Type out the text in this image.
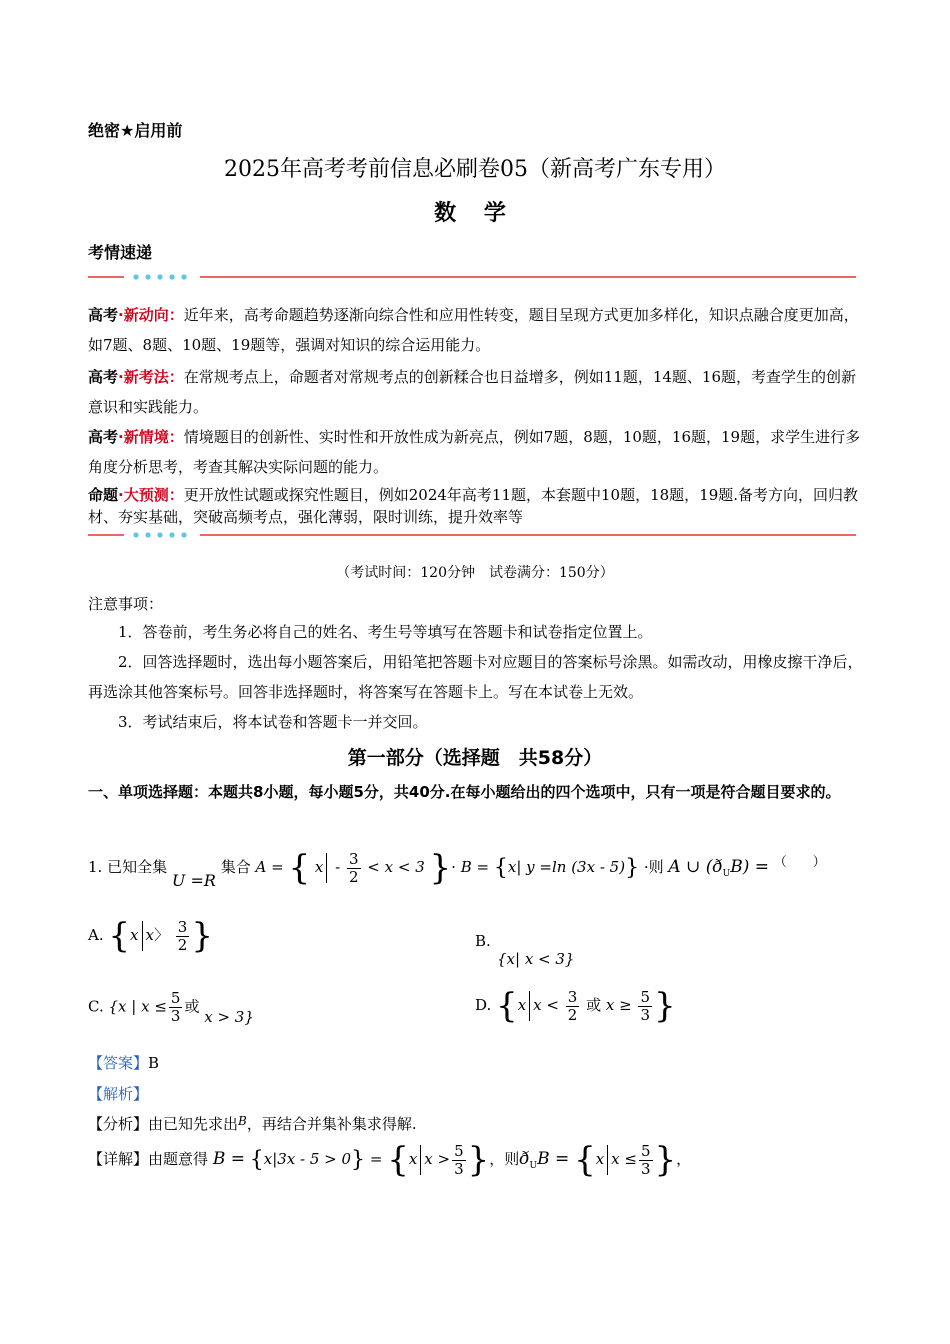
绝密★启用前
2025年高考考前信息必刷卷05（新高考广东专用）
数 学
考情速递
高考·新动向：近年来，高考命题趋势逐渐向综合性和应用性转变，题目呈现方式更加多样化，知识点融合度更加高，如7题、8题、10题、19题等，强调对知识的综合运用能力。
高考·新考法：在常规考点上，命题者对常规考点的创新糅合也日益增多，例如11题，14题、16题，考查学生的创新意识和实践能力。
高考·新情境：情境题目的创新性、实时性和开放性成为新亮点，例如7题，8题，10题，16题，19题，求学生进行多角度分析思考，考查其解决实际问题的能力。
命题·大预测：更开放性试题或探究性题目，例如2024年高考11题，本套题中10题，18题，19题.备考方向，回归教材、夯实基础，突破高频考点，强化薄弱，限时训练，提升效率等
（考试时间：120分钟　试卷满分：150分）
注意事项：
1．答卷前，考生务必将自己的姓名、考生号等填写在答题卡和试卷指定位置上。
2．回答选择题时，选出每小题答案后，用铅笔把答题卡对应题目的答案标号涂黑。如需改动，用橡皮擦干净后，再选涂其他答案标号。回答非选择题时，将答案写在答题卡上。写在本试卷上无效。
3．考试结束后，将本试卷和答题卡一并交回。
第一部分（选择题　共58分）
一、单项选择题：本题共8小题，每小题5分，共40分.在每小题给出的四个选项中，只有一项是符合题目要求的。
1. 已知全集 U =R 集合 A = { $x - \frac{3}{2} < x < 3$ }· B = {x| y =ln (3x - 5)} ·则 A ∪ $(ð_UB)$ = （　　）
A. {x x〉 $\frac{3}{2}$ }	B.
{x| x < 3}
C. {x | $x \le \frac{5}{3}$ 或 x > 3}
D. {x $x < \frac{3}{2}$ 或 $x \ge \frac{5}{3}$ }
【答案】B
【解析】
【分析】由已知先求出$^B$，再结合并集补集求得解.
【详解】由题意得 B = {x|3x - 5 > 0} = {x $x > \frac{5}{3}$ }，则$ð_UB = \{x$ $x \le \frac{5}{3}$ }，
